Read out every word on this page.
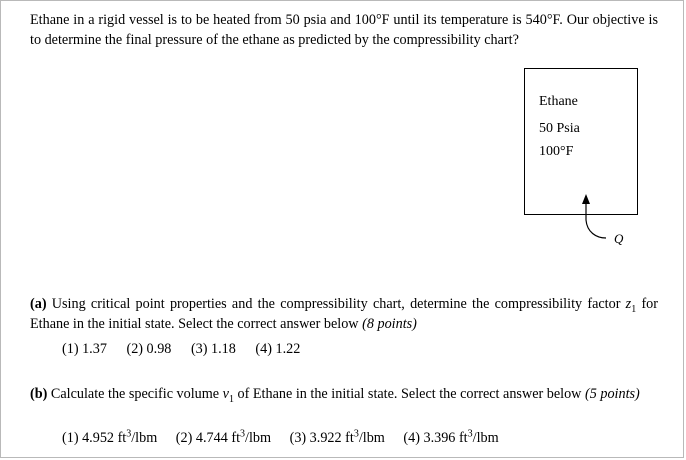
Ethane in a rigid vessel is to be heated from 50 psia and 100°F until its temperature is 540°F. Our objective is to determine the final pressure of the ethane as predicted by the compressibility chart?
Ethane
50 Psia
100°F
Q
(a) Using critical point properties and the compressibility chart, determine the compressibility factor $z_1$ for Ethane in the initial state. Select the correct answer below (8 points)
(1) 1.37 (2) 0.98 (3) 1.18 (4) 1.22
(b) Calculate the specific volume $v_1$ of Ethane in the initial state. Select the correct answer below (5 points)
(1) 4.952 $ft^3$/lbm (2) 4.744 $ft^3$/lbm (3) 3.922 $ft^3$/lbm (4) 3.396 $ft^3$/lbm
